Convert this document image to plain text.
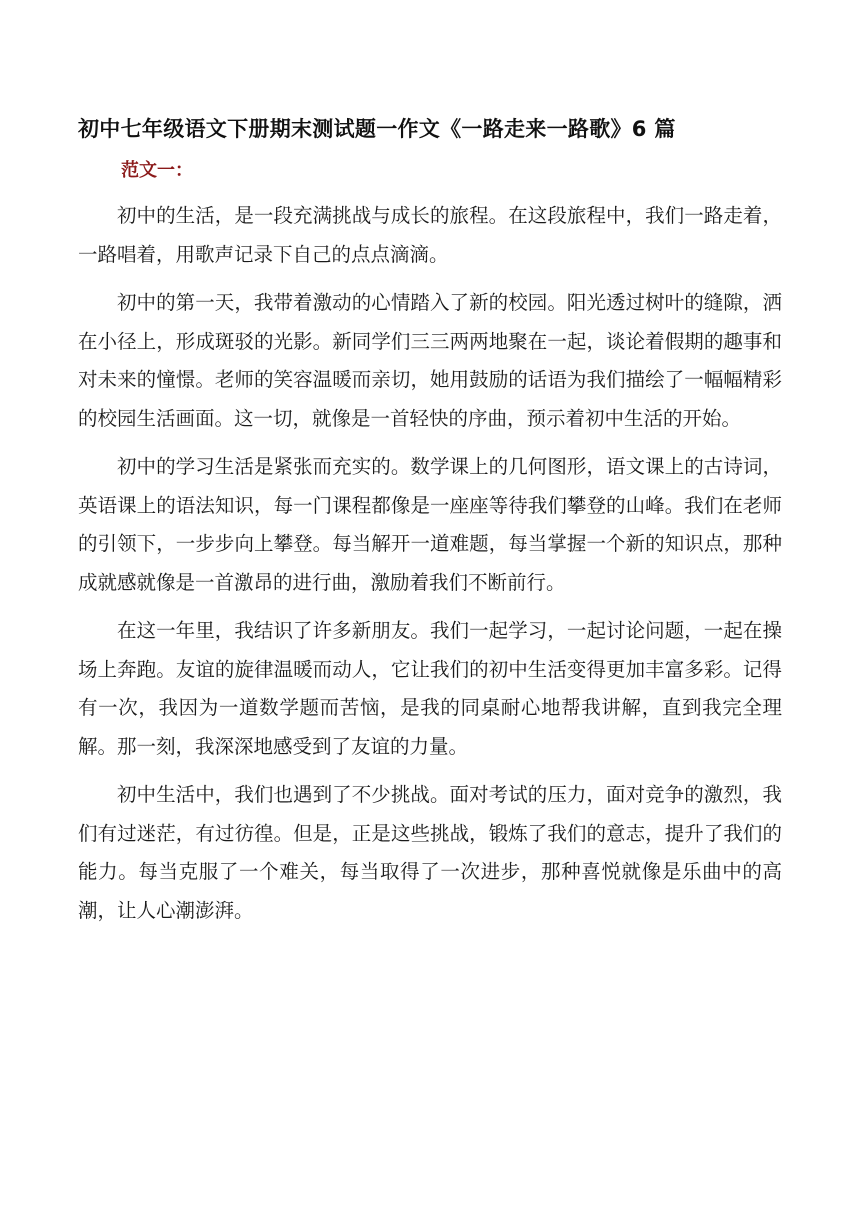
初中七年级语文下册期末测试题一作文《一路走来一路歌》6 篇
范文一：

初中的生活，是一段充满挑战与成长的旅程。在这段旅程中，我们一路走着，一路唱着，用歌声记录下自己的点点滴滴。

初中的第一天，我带着激动的心情踏入了新的校园。阳光透过树叶的缝隙，洒在小径上，形成斑驳的光影。新同学们三三两两地聚在一起，谈论着假期的趣事和对未来的憧憬。老师的笑容温暖而亲切，她用鼓励的话语为我们描绘了一幅幅精彩的校园生活画面。这一切，就像是一首轻快的序曲，预示着初中生活的开始。

初中的学习生活是紧张而充实的。数学课上的几何图形，语文课上的古诗词，英语课上的语法知识，每一门课程都像是一座座等待我们攀登的山峰。我们在老师的引领下，一步步向上攀登。每当解开一道难题，每当掌握一个新的知识点，那种成就感就像是一首激昂的进行曲，激励着我们不断前行。

在这一年里，我结识了许多新朋友。我们一起学习，一起讨论问题，一起在操场上奔跑。友谊的旋律温暖而动人，它让我们的初中生活变得更加丰富多彩。记得有一次，我因为一道数学题而苦恼，是我的同桌耐心地帮我讲解，直到我完全理解。那一刻，我深深地感受到了友谊的力量。

初中生活中，我们也遇到了不少挑战。面对考试的压力，面对竞争的激烈，我们有过迷茫，有过彷徨。但是，正是这些挑战，锻炼了我们的意志，提升了我们的能力。每当克服了一个难关，每当取得了一次进步，那种喜悦就像是乐曲中的高潮，让人心潮澎湃。
